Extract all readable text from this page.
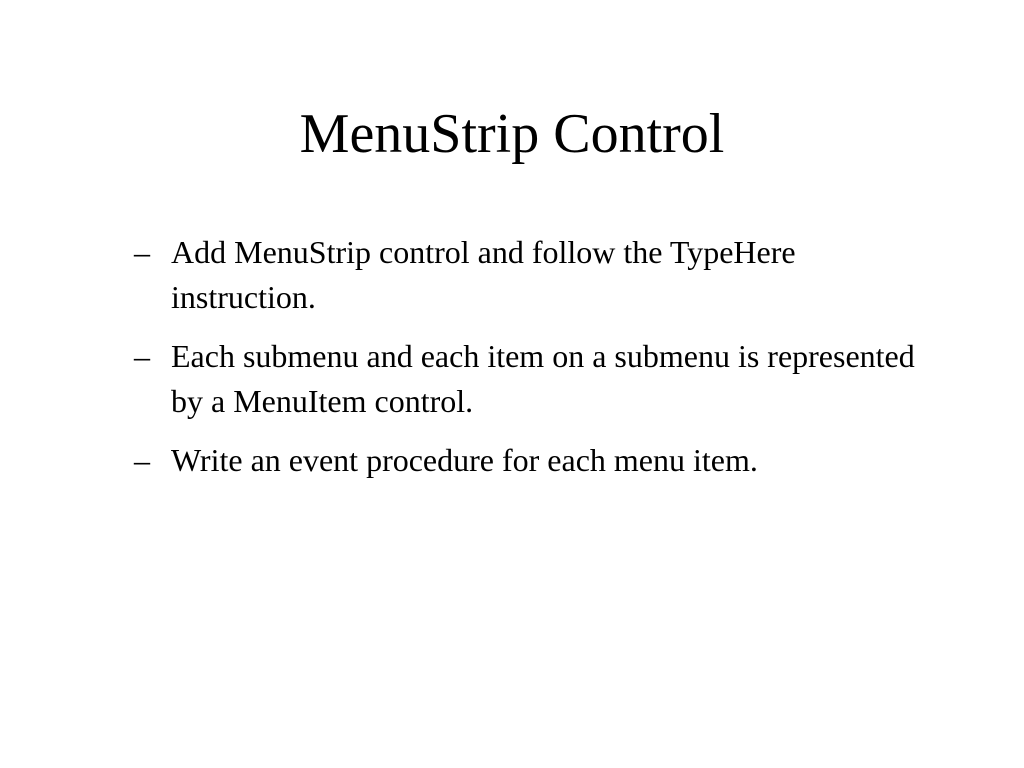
MenuStrip Control
– Add MenuStrip control and follow the TypeHere instruction.
– Each submenu and each item on a submenu is represented by a MenuItem control.
– Write an event procedure for each menu item.
